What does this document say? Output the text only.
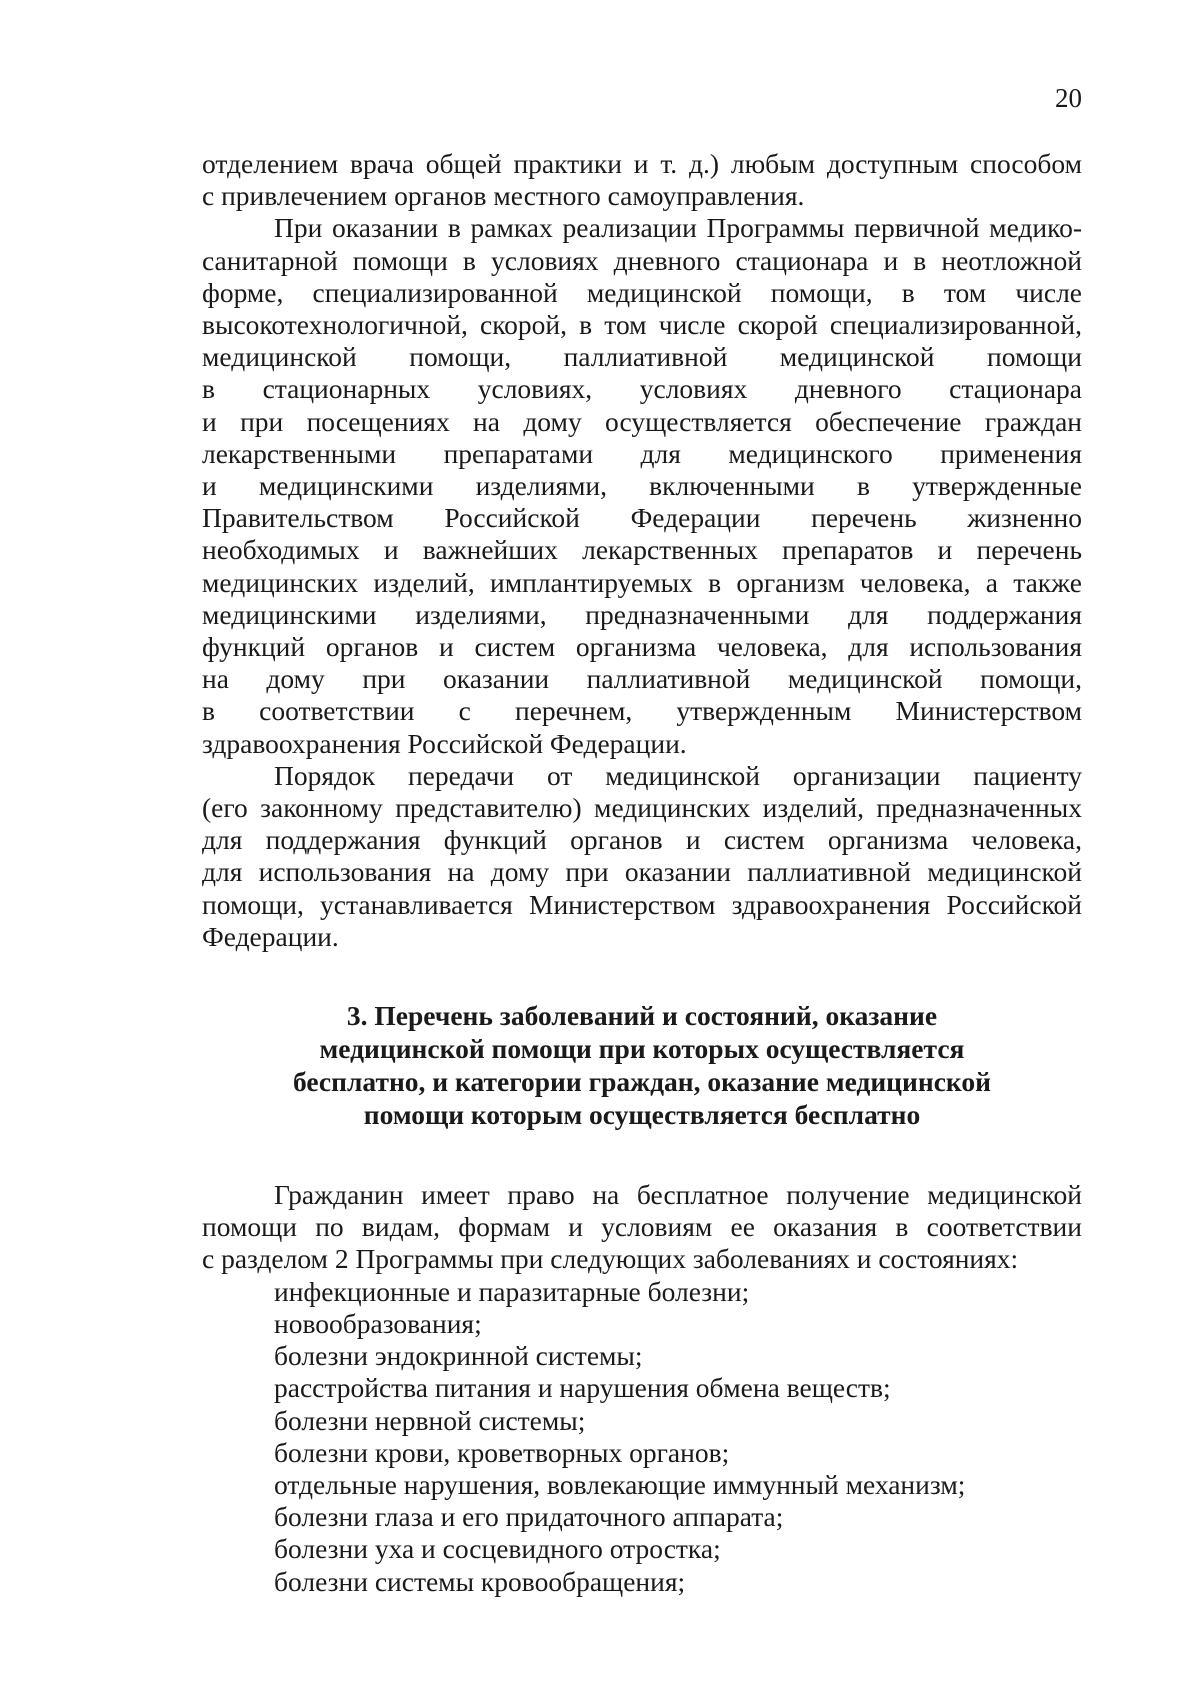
20

отделением врача общей практики и т. д.) любым доступным способом
с привлечением органов местного самоуправления.

При оказании в рамках реализации Программы первичной медико-
санитарной помощи в условиях дневного стационара и в неотложной
форме, специализированной медицинской помощи, в том числе
высокотехнологичной, скорой, в том числе скорой специализированной,
медицинской помощи, паллиативной медицинской помощи
в стационарных условиях, условиях дневного стационара
и при посещениях на дому осуществляется обеспечение граждан
лекарственными препаратами для медицинского применения
и медицинскими изделиями, включенными в утвержденные
Правительством Российской Федерации перечень жизненно
необходимых и важнейших лекарственных препаратов и перечень
медицинских изделий, имплантируемых в организм человека, а также
медицинскими изделиями, предназначенными для поддержания
функций органов и систем организма человека, для использования
на дому при оказании паллиативной медицинской помощи,
в соответствии с перечнем, утвержденным Министерством
здравоохранения Российской Федерации.

Порядок передачи от медицинской организации пациенту
(его законному представителю) медицинских изделий, предназначенных
для поддержания функций органов и систем организма человека,
для использования на дому при оказании паллиативной медицинской
помощи, устанавливается Министерством здравоохранения Российской
Федерации.

3. Перечень заболеваний и состояний, оказание
медицинской помощи при которых осуществляется
бесплатно, и категории граждан, оказание медицинской
помощи которым осуществляется бесплатно

Гражданин имеет право на бесплатное получение медицинской
помощи по видам, формам и условиям ее оказания в соответствии
с разделом 2 Программы при следующих заболеваниях и состояниях:

инфекционные и паразитарные болезни;
новообразования;
болезни эндокринной системы;
расстройства питания и нарушения обмена веществ;
болезни нервной системы;
болезни крови, кроветворных органов;
отдельные нарушения, вовлекающие иммунный механизм;
болезни глаза и его придаточного аппарата;
болезни уха и сосцевидного отростка;
болезни системы кровообращения;
